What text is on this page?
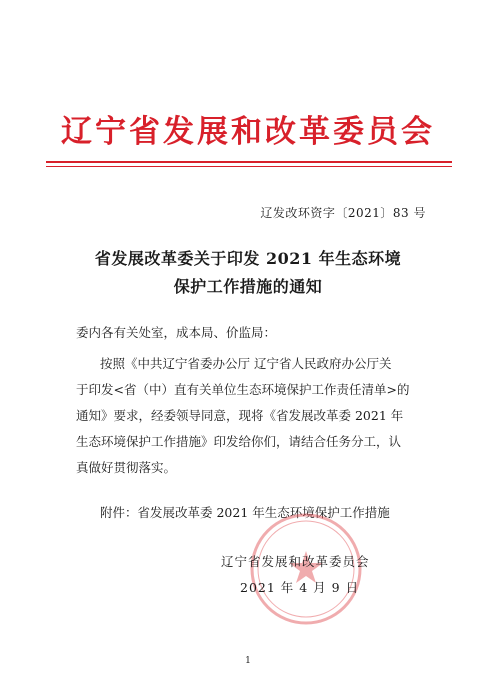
辽宁省发展和改革委员会
辽发改环资字〔2021〕83 号
省发展改革委关于印发 2021 年生态环境
保护工作措施的通知
委内各有关处室，成本局、价监局：
按照《中共辽宁省委办公厅 辽宁省人民政府办公厅关
于印发<省（中）直有关单位生态环境保护工作责任清单>的
通知》要求，经委领导同意，现将《省发展改革委 2021 年
生态环境保护工作措施》印发给你们，请结合任务分工，认
真做好贯彻落实。
附件：省发展改革委 2021 年生态环境保护工作措施
辽宁省发展和改革委员会
2021 年 4 月 9 日
1
